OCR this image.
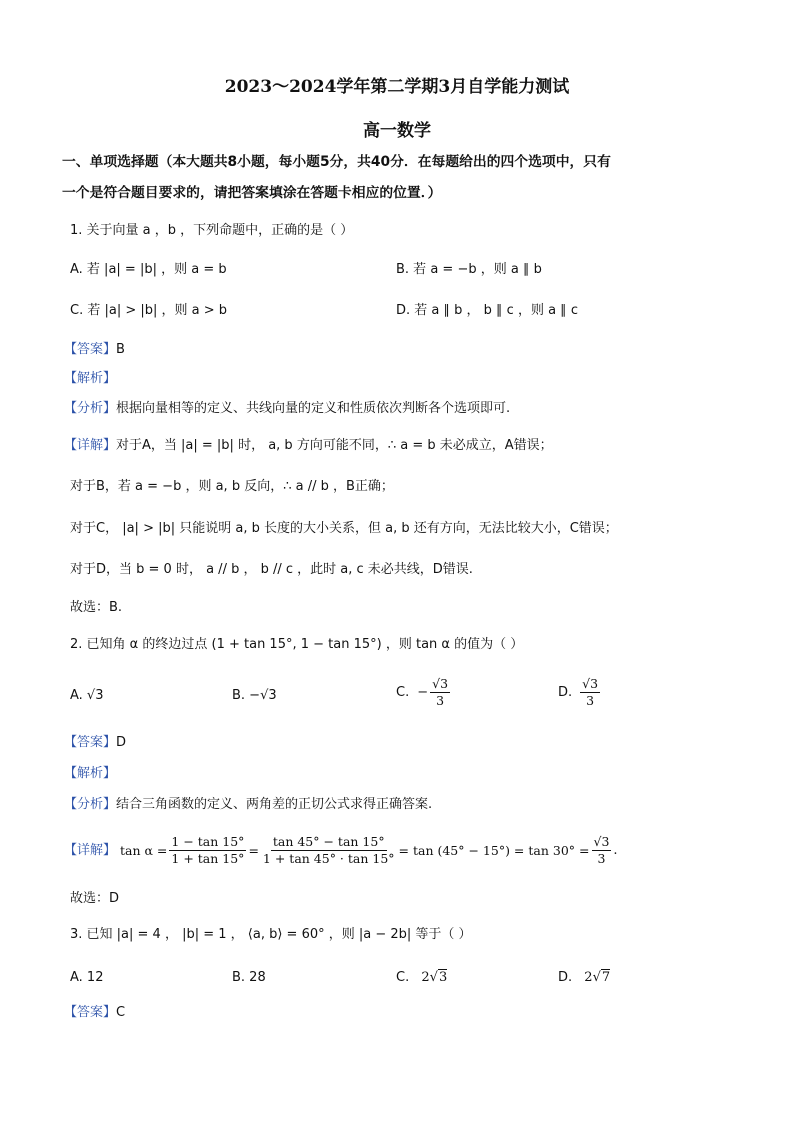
2023～2024学年第二学期3月自学能力测试
高一数学
一、单项选择题（本大题共8小题，每小题5分，共40分．在每题给出的四个选项中，只有
一个是符合题目要求的，请把答案填涂在答题卡相应的位置．）
1. 关于向量 a ，b ，下列命题中，正确的是（ ）
A. 若 |a| = |b| ，则 a = b	B. 若 a = −b ，则 a ∥ b
C. 若 |a| > |b| ，则 a > b	D. 若 a ∥ b ， b ∥ c ，则 a ∥ c
【答案】B
【解析】
【分析】根据向量相等的定义、共线向量的定义和性质依次判断各个选项即可.
【详解】对于A，当 |a| = |b| 时， a, b 方向可能不同，∴ a = b 未必成立，A错误；
对于B，若 a = −b ，则 a, b 反向，∴ a // b ，B正确；
对于C， |a| > |b| 只能说明 a, b 长度的大小关系，但 a, b 还有方向，无法比较大小，C错误；
对于D，当 b = 0 时， a // b ， b // c ，此时 a, c 未必共线，D错误.
故选：B.
2. 已知角 α 的终边过点 (1 + tan 15°, 1 − tan 15°) ，则 tan α 的值为（ ）
A. √3	B. −√3	C. − $\frac{√3}{3}$	D. $\frac{√3}{3}$
【答案】D
【解析】
【分析】结合三角函数的定义、两角差的正切公式求得正确答案.
【详解】 $\tan \alpha = \frac{1 - \tan 15^\circ}{1 + \tan 15^\circ} = \frac{\tan 45^\circ - \tan 15^\circ}{1 + \tan 45^\circ \cdot \tan 15^\circ} = \tan (45^\circ - 15^\circ) = \tan 30^\circ = \frac{√3}{3}$ .
故选：D
3. 已知 |a| = 4 ， |b| = 1 ， ⟨a, b⟩ = 60° ，则 |a − 2b| 等于（ ）
A. 12	B. 28	C. 2√3	D. 2√7
【答案】C
